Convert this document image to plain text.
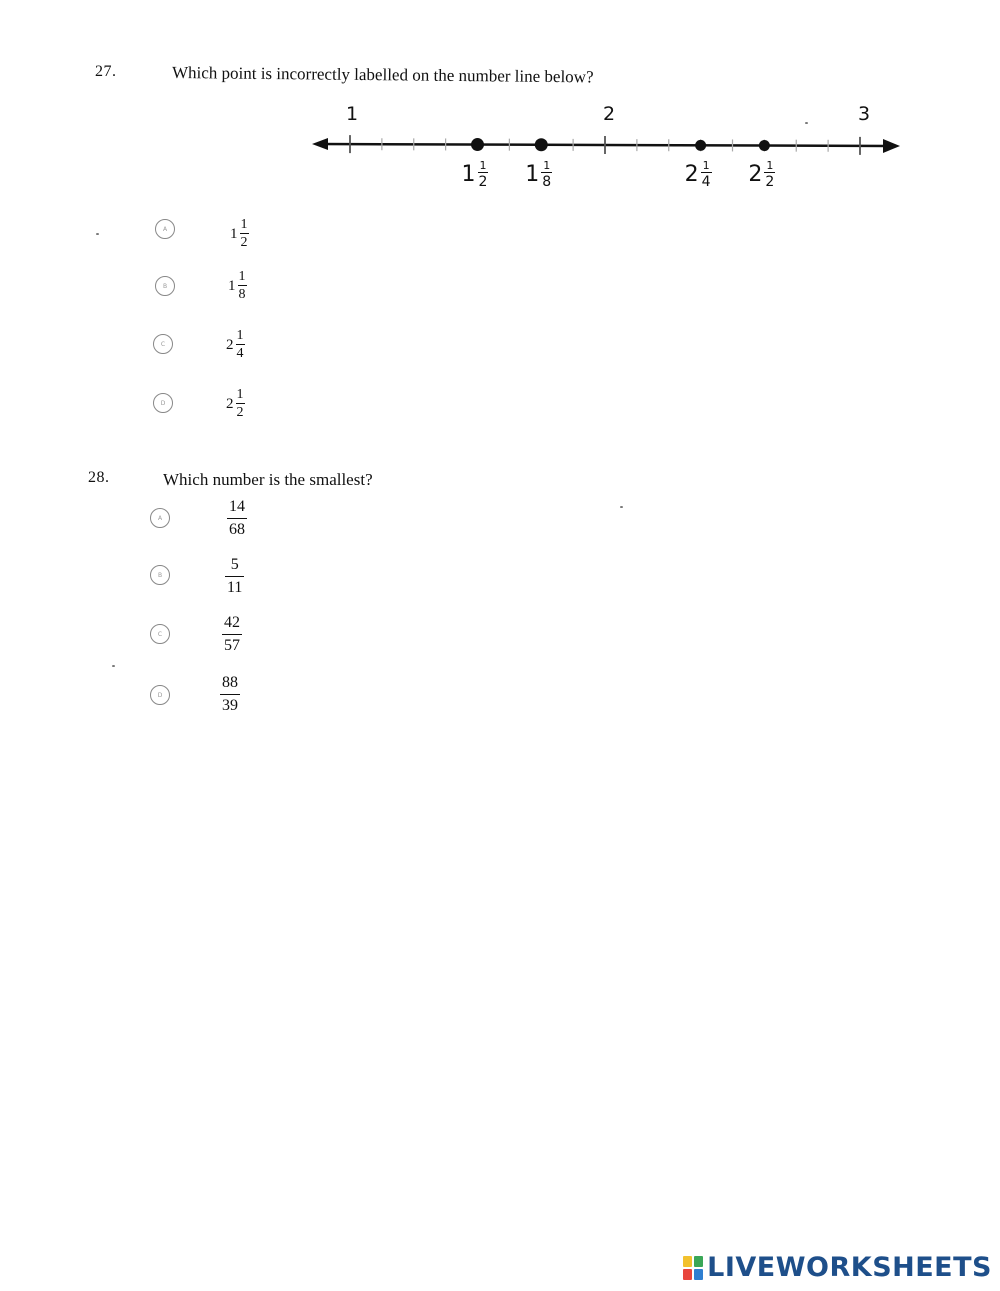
27.	Which point is incorrectly labelled on the number line below?
1	2	3
$1 \frac{1}{2} 1 \frac{1}{8}$	$2 \frac{1}{4} 2 \frac{1}{2}$
A	$1 \frac{1}{2}$
B	$1 \frac{1}{8}$
C	$2 \frac{1}{4}$
D	$2 \frac{1}{2}$
28.	Which number is the smallest?
A	$\frac{14}{68}$
B	$\frac{5}{11}$
C	$\frac{42}{57}$
D	$\frac{88}{39}$
LIVEWORKSHEETS
